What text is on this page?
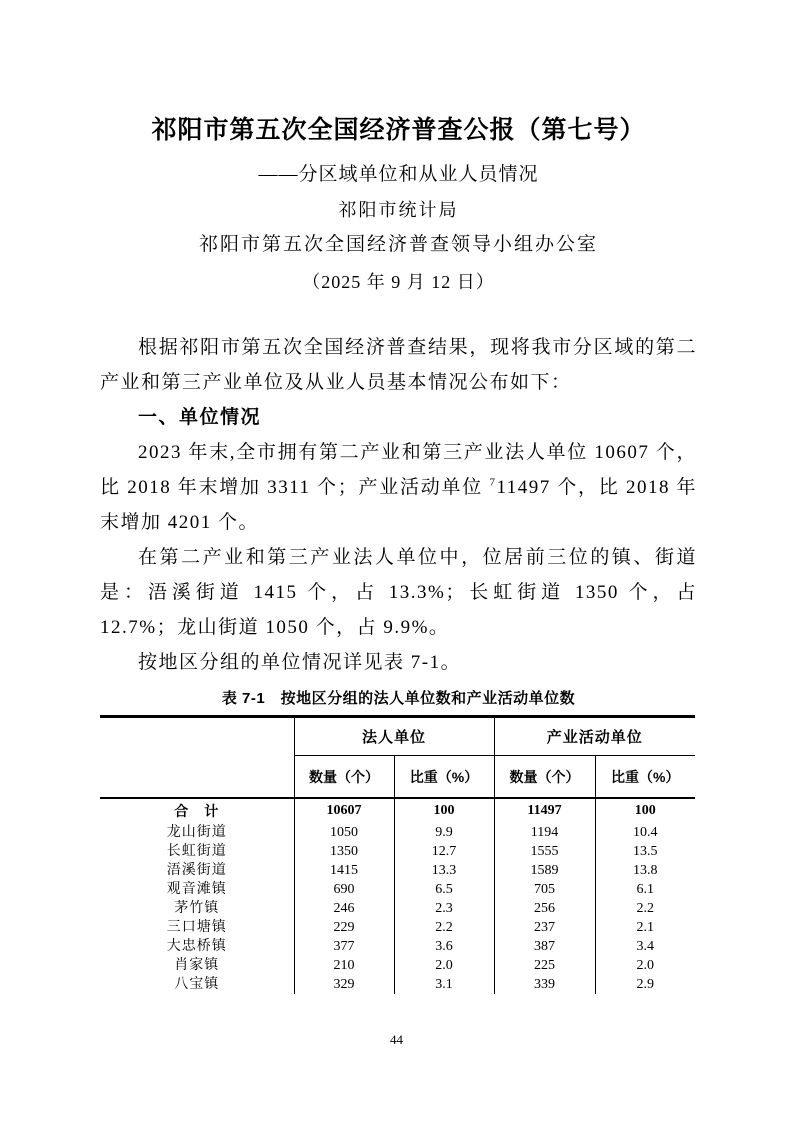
祁阳市第五次全国经济普查公报（第七号）
——分区域单位和从业人员情况
祁阳市统计局
祁阳市第五次全国经济普查领导小组办公室
（2025 年 9 月 12 日）

根据祁阳市第五次全国经济普查结果，现将我市分区域的第二产业和第三产业单位及从业人员基本情况公布如下：

一、单位情况

2023 年末,全市拥有第二产业和第三产业法人单位 10607 个，比 2018 年末增加 3311 个；产业活动单位 $^7$11497 个，比 2018 年末增加 4201 个。

在第二产业和第三产业法人单位中，位居前三位的镇、街道是：浯溪街道 1415 个，占 13.3%；长虹街道 1350 个，占 12.7%；龙山街道 1050 个，占 9.9%。

按地区分组的单位情况详见表 7-1。

表 7-1　按地区分组的法人单位数和产业活动单位数
	法人单位		产业活动单位	
	数量（个）	比重（%）	数量（个）	比重（%）
合　计	10607	100	11497	100
龙山街道	1050	9.9	1194	10.4
长虹街道	1350	12.7	1555	13.5
浯溪街道	1415	13.3	1589	13.8
观音滩镇	690	6.5	705	6.1
茅竹镇	246	2.3	256	2.2
三口塘镇	229	2.2	237	2.1
大忠桥镇	377	3.6	387	3.4
肖家镇	210	2.0	225	2.0
八宝镇	329	3.1	339	2.9
44
